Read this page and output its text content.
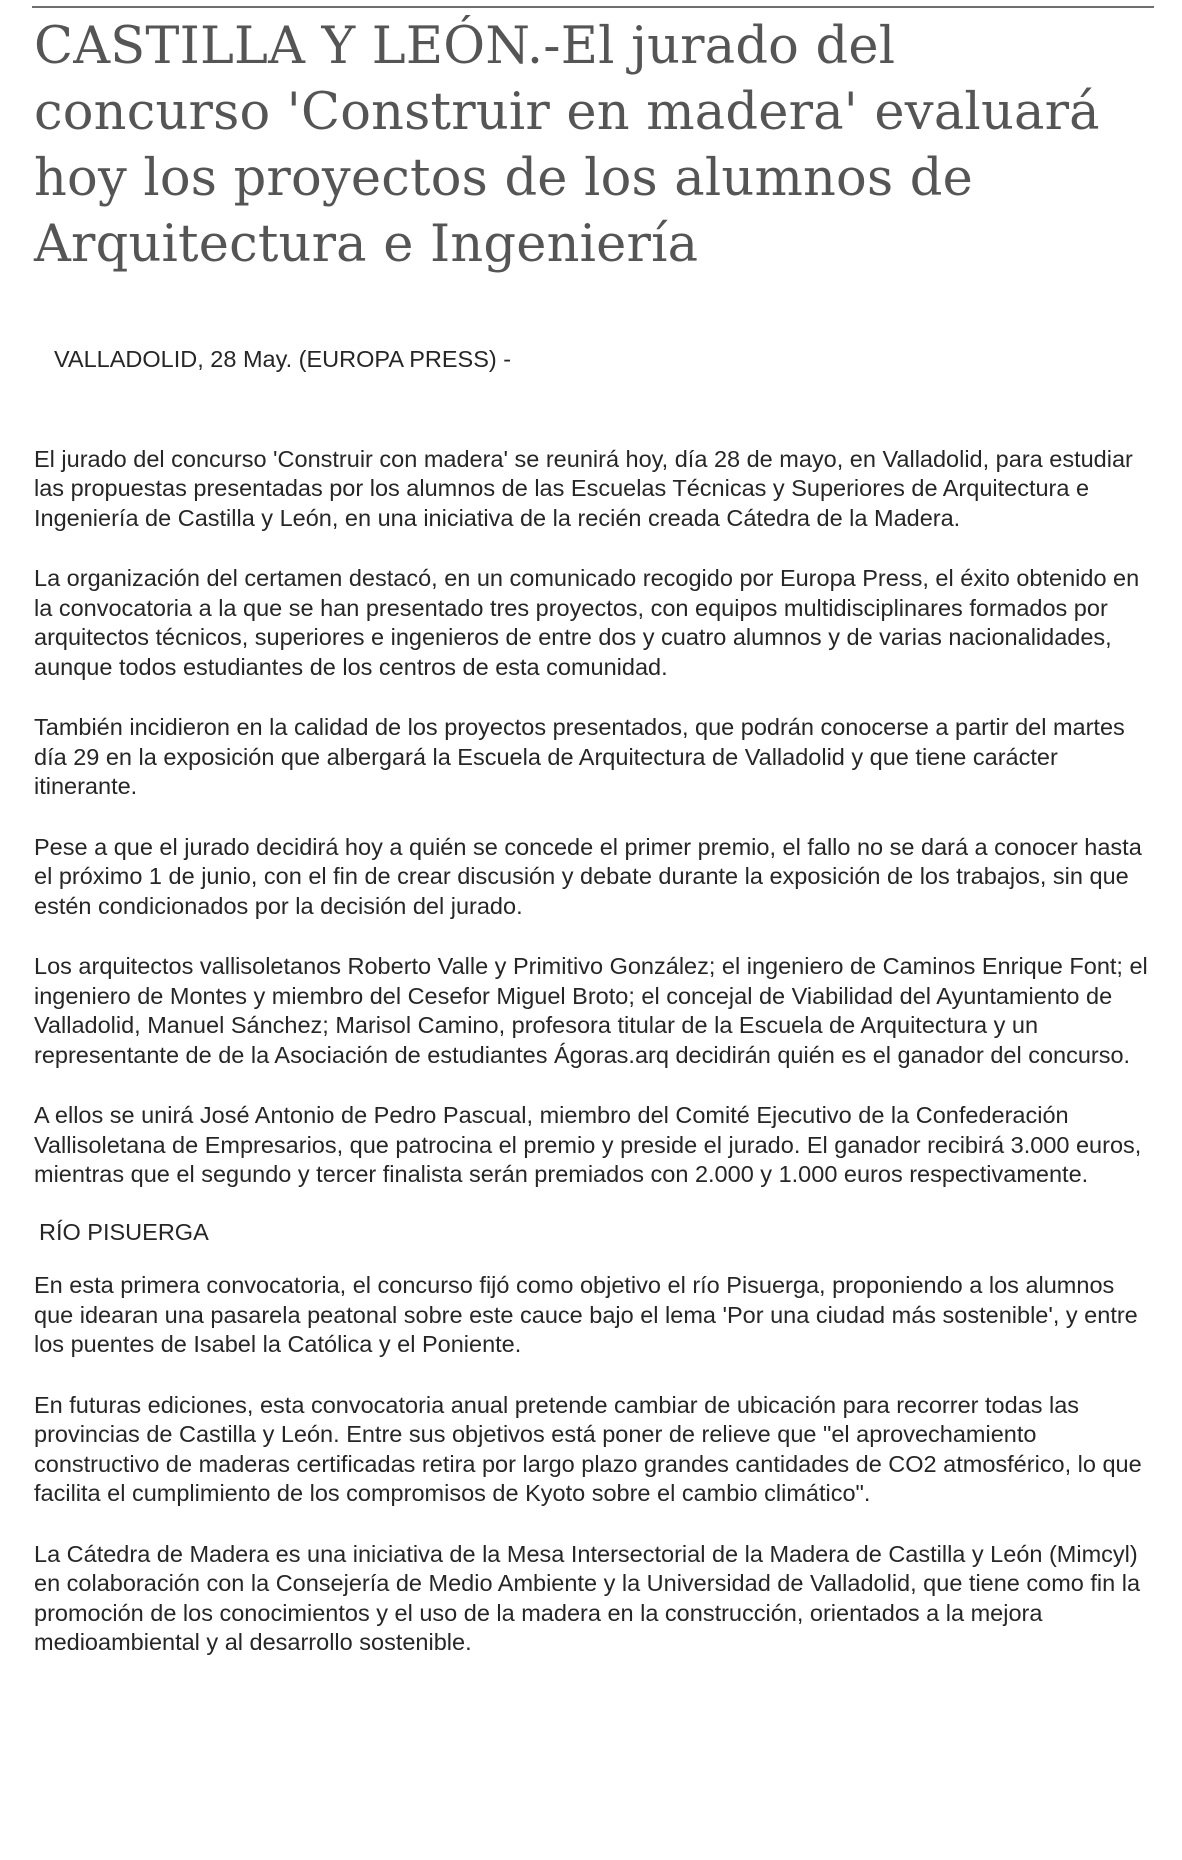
CASTILLA Y LEÓN.-El jurado del concurso 'Construir en madera' evaluará hoy los proyectos de los alumnos de Arquitectura e Ingeniería

VALLADOLID, 28 May. (EUROPA PRESS) -

El jurado del concurso 'Construir con madera' se reunirá hoy, día 28 de mayo, en Valladolid, para estudiar las propuestas presentadas por los alumnos de las Escuelas Técnicas y Superiores de Arquitectura e Ingeniería de Castilla y León, en una iniciativa de la recién creada Cátedra de la Madera.

La organización del certamen destacó, en un comunicado recogido por Europa Press, el éxito obtenido en la convocatoria a la que se han presentado tres proyectos, con equipos multidisciplinares formados por arquitectos técnicos, superiores e ingenieros de entre dos y cuatro alumnos y de varias nacionalidades, aunque todos estudiantes de los centros de esta comunidad.

También incidieron en la calidad de los proyectos presentados, que podrán conocerse a partir del martes día 29 en la exposición que albergará la Escuela de Arquitectura de Valladolid y que tiene carácter itinerante.

Pese a que el jurado decidirá hoy a quién se concede el primer premio, el fallo no se dará a conocer hasta el próximo 1 de junio, con el fin de crear discusión y debate durante la exposición de los trabajos, sin que estén condicionados por la decisión del jurado.

Los arquitectos vallisoletanos Roberto Valle y Primitivo González; el ingeniero de Caminos Enrique Font; el ingeniero de Montes y miembro del Cesefor Miguel Broto; el concejal de Viabilidad del Ayuntamiento de Valladolid, Manuel Sánchez; Marisol Camino, profesora titular de la Escuela de Arquitectura y un representante de de la Asociación de estudiantes Ágoras.arq decidirán quién es el ganador del concurso.

A ellos se unirá José Antonio de Pedro Pascual, miembro del Comité Ejecutivo de la Confederación Vallisoletana de Empresarios, que patrocina el premio y preside el jurado. El ganador recibirá 3.000 euros, mientras que el segundo y tercer finalista serán premiados con 2.000 y 1.000 euros respectivamente.

RÍO PISUERGA

En esta primera convocatoria, el concurso fijó como objetivo el río Pisuerga, proponiendo a los alumnos que idearan una pasarela peatonal sobre este cauce bajo el lema 'Por una ciudad más sostenible', y entre los puentes de Isabel la Católica y el Poniente.

En futuras ediciones, esta convocatoria anual pretende cambiar de ubicación para recorrer todas las provincias de Castilla y León. Entre sus objetivos está poner de relieve que "el aprovechamiento constructivo de maderas certificadas retira por largo plazo grandes cantidades de CO2 atmosférico, lo que facilita el cumplimiento de los compromisos de Kyoto sobre el cambio climático".

La Cátedra de Madera es una iniciativa de la Mesa Intersectorial de la Madera de Castilla y León (Mimcyl) en colaboración con la Consejería de Medio Ambiente y la Universidad de Valladolid, que tiene como fin la promoción de los conocimientos y el uso de la madera en la construcción, orientados a la mejora medioambiental y al desarrollo sostenible.
